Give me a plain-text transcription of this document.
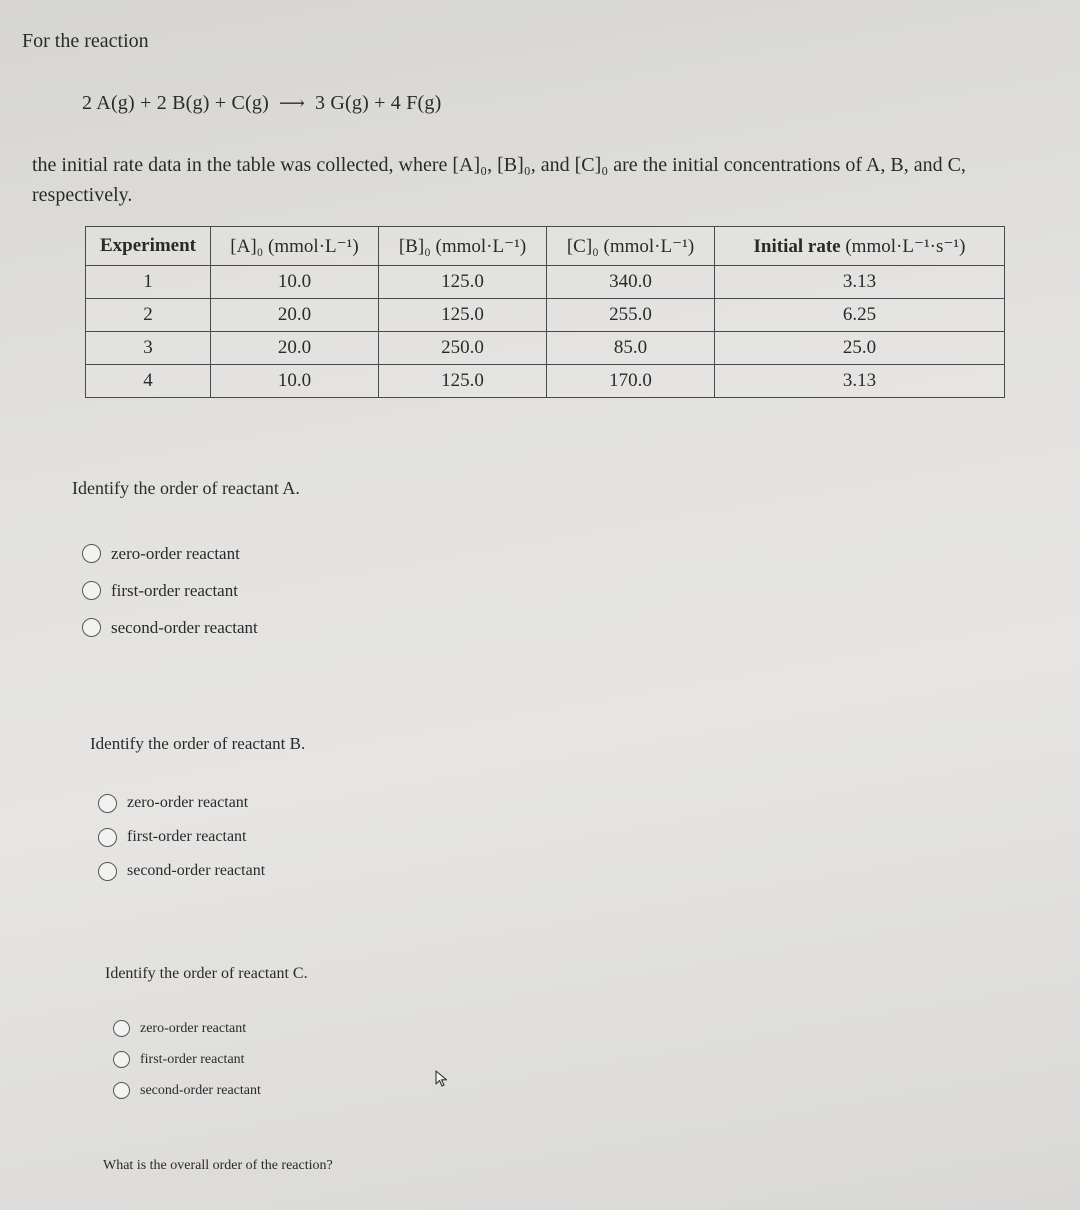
For the reaction
2 A(g) + 2 B(g) + C(g) ⟶ 3 G(g) + 4 F(g)
the initial rate data in the table was collected, where [A]₀, [B]₀, and [C]₀ are the initial concentrations of A, B, and C, respectively.
Experiment	[A]₀ (mmol·L⁻¹)	[B]₀ (mmol·L⁻¹)	[C]₀ (mmol·L⁻¹)	Initial rate (mmol·L⁻¹·s⁻¹)
1	10.0	125.0	340.0	3.13
2	20.0	125.0	255.0	6.25
3	20.0	250.0	85.0	25.0
4	10.0	125.0	170.0	3.13
Identify the order of reactant A.
zero-order reactant
first-order reactant
second-order reactant
Identify the order of reactant B.
zero-order reactant
first-order reactant
second-order reactant
Identify the order of reactant C.
zero-order reactant
first-order reactant
second-order reactant
What is the overall order of the reaction?
